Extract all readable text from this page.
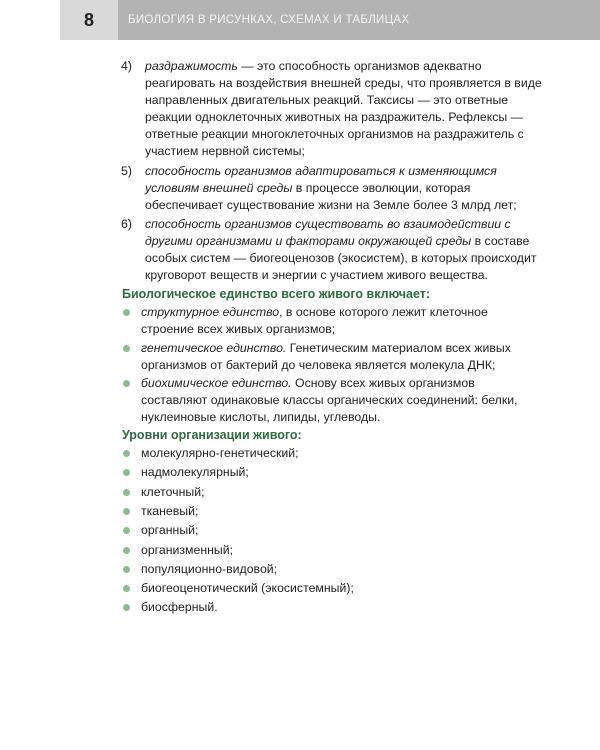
8	БИОЛОГИЯ В РИСУНКАХ, СХЕМАХ И ТАБЛИЦАХ
4) раздражимость — это способность организмов адекватно реагировать на воздействия внешней среды, что проявляется в виде направленных двигательных реакций. Таксисы — это ответные реакции одноклеточных животных на раздражитель. Рефлексы — ответные реакции многоклеточных организмов на раздражитель с участием нервной системы;
5) способность организмов адаптироваться к изменяющимся условиям внешней среды в процессе эволюции, которая обеспечивает существование жизни на Земле более 3 млрд лет;
6) способность организмов существовать во взаимодействии с другими организмами и факторами окружающей среды в составе особых систем — биогеоценозов (экосистем), в которых происходит круговорот веществ и энергии с участием живого вещества.
Биологическое единство всего живого включает:
структурное единство, в основе которого лежит клеточное строение всех живых организмов;
генетическое единство. Генетическим материалом всех живых организмов от бактерий до человека является молекула ДНК;
биохимическое единство. Основу всех живых организмов составляют одинаковые классы органических соединений: белки, нуклеиновые кислоты, липиды, углеводы.
Уровни организации живого:
молекулярно-генетический;
надмолекулярный;
клеточный;
тканевый;
органный;
организменный;
популяционно-видовой;
биогеоценотический (экосистемный);
биосферный.
